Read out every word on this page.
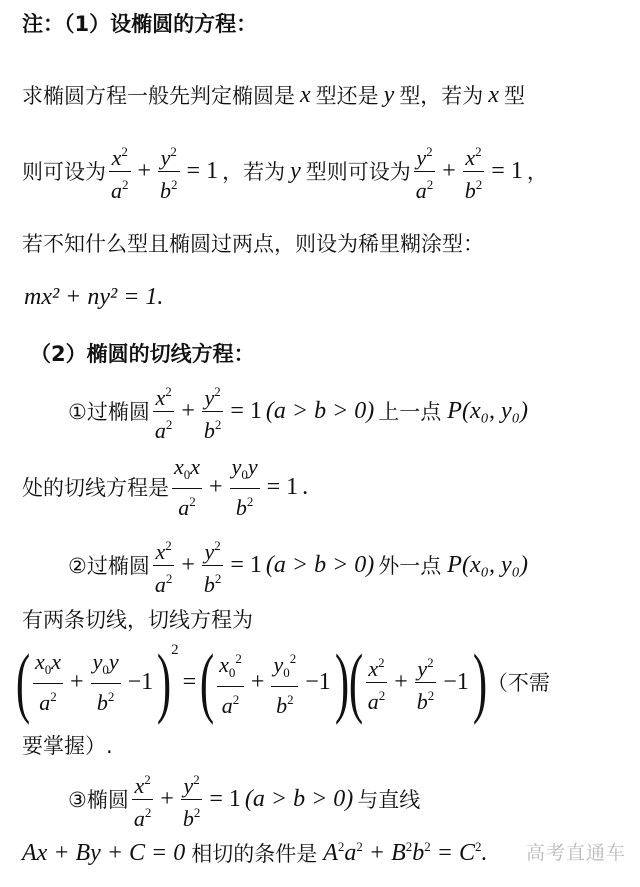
注：（1）设椭圆的方程：
求椭圆方程一般先判定椭圆是 x 型还是 y 型，若为 x 型
则可设为 $\frac{x^2}{a^2} + \frac{y^2}{b^2} = 1$ ，若为 y 型则可设为 $\frac{y^2}{a^2} + \frac{x^2}{b^2} = 1$ ，
若不知什么型且椭圆过两点，则设为稀里糊涂型：
mx² + ny² = 1.
（2）椭圆的切线方程：
①过椭圆 $\frac{x^2}{a^2} + \frac{y^2}{b^2} = 1$ (a > b > 0) 上一点 P(x₀, y₀)
处的切线方程是 $\frac{x_0x}{a^2} + \frac{y_0y}{b^2} = 1$ .
②过椭圆 $\frac{x^2}{a^2} + \frac{y^2}{b^2} = 1$ (a > b > 0) 外一点 P(x₀, y₀)
有两条切线，切线方程为
( $\frac{x_0x}{a^2} + \frac{y_0y}{b^2} -1$ ) 2
= ( $\frac{x_0^2}{a^2} + \frac{y_0^2}{b^2} -1$ ) ( $\frac{x^2}{a^2} + \frac{y^2}{b^2} -1$ ) （不需
要掌握）.
③椭圆 $\frac{x^2}{a^2} + \frac{y^2}{b^2} = 1$ (a > b > 0) 与直线
Ax + By + C = 0 相切的条件是 $A^2a^2 + B^2b^2 = C^2$. 高考直通车
